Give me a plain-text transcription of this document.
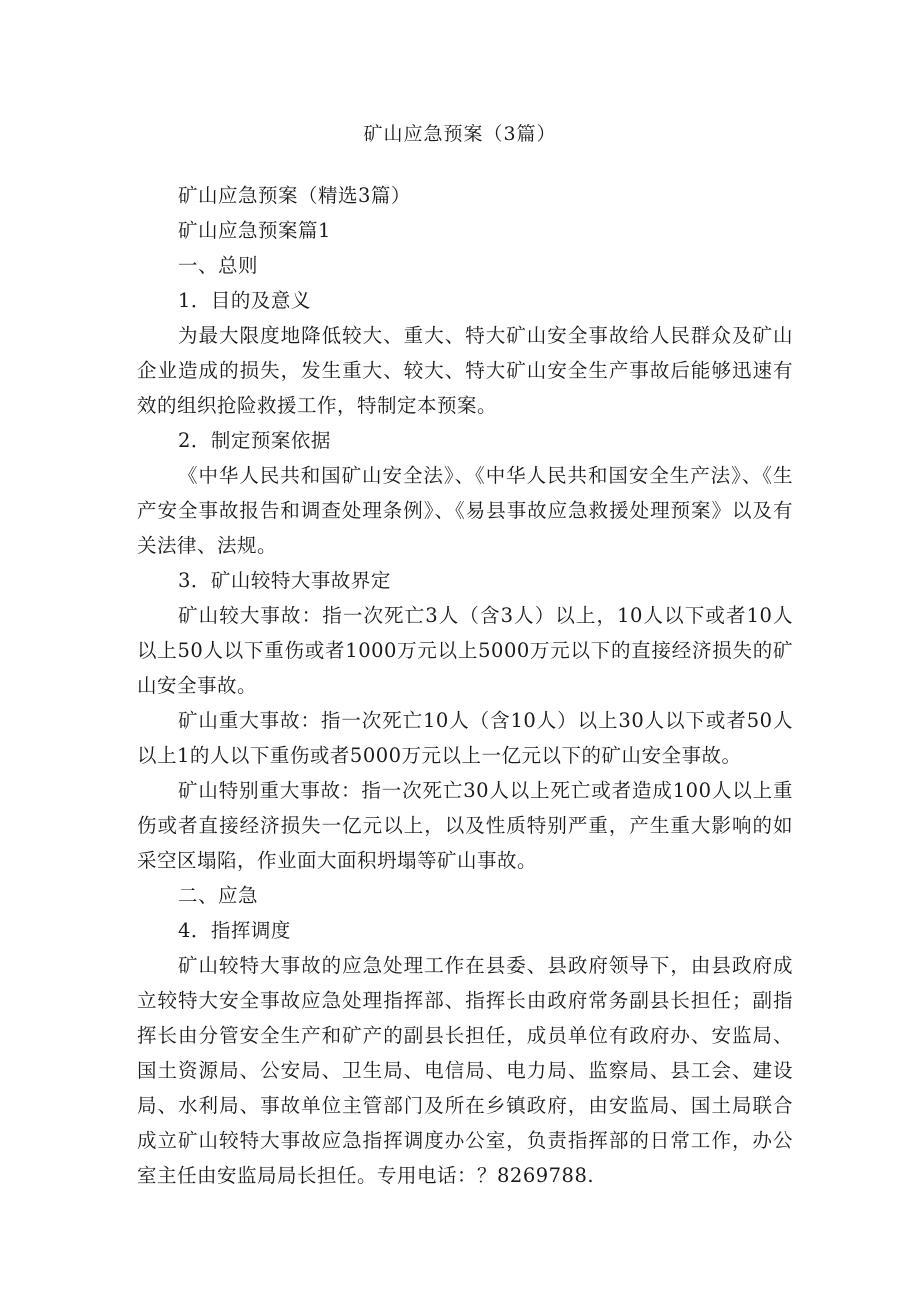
矿山应急预案（3篇）

矿山应急预案（精选3篇）

矿山应急预案篇1

一、总则

1．目的及意义

为最大限度地降低较大、重大、特大矿山安全事故给人民群众及矿山企业造成的损失，发生重大、较大、特大矿山安全生产事故后能够迅速有效的组织抢险救援工作，特制定本预案。

2．制定预案依据

《中华人民共和国矿山安全法》、《中华人民共和国安全生产法》、《生产安全事故报告和调查处理条例》、《易县事故应急救援处理预案》以及有关法律、法规。

3．矿山较特大事故界定

矿山较大事故：指一次死亡3人（含3人）以上，10人以下或者10人以上50人以下重伤或者1000万元以上5000万元以下的直接经济损失的矿山安全事故。

矿山重大事故：指一次死亡10人（含10人）以上30人以下或者50人以上1的人以下重伤或者5000万元以上一亿元以下的矿山安全事故。

矿山特别重大事故：指一次死亡30人以上死亡或者造成100人以上重伤或者直接经济损失一亿元以上，以及性质特别严重，产生重大影响的如采空区塌陷，作业面大面积坍塌等矿山事故。

二、应急

4．指挥调度

矿山较特大事故的应急处理工作在县委、县政府领导下，由县政府成立较特大安全事故应急处理指挥部、指挥长由政府常务副县长担任；副指挥长由分管安全生产和矿产的副县长担任，成员单位有政府办、安监局、国土资源局、公安局、卫生局、电信局、电力局、监察局、县工会、建设局、水利局、事故单位主管部门及所在乡镇政府，由安监局、国土局联合成立矿山较特大事故应急指挥调度办公室，负责指挥部的日常工作，办公室主任由安监局局长担任。专用电话：？8269788.
